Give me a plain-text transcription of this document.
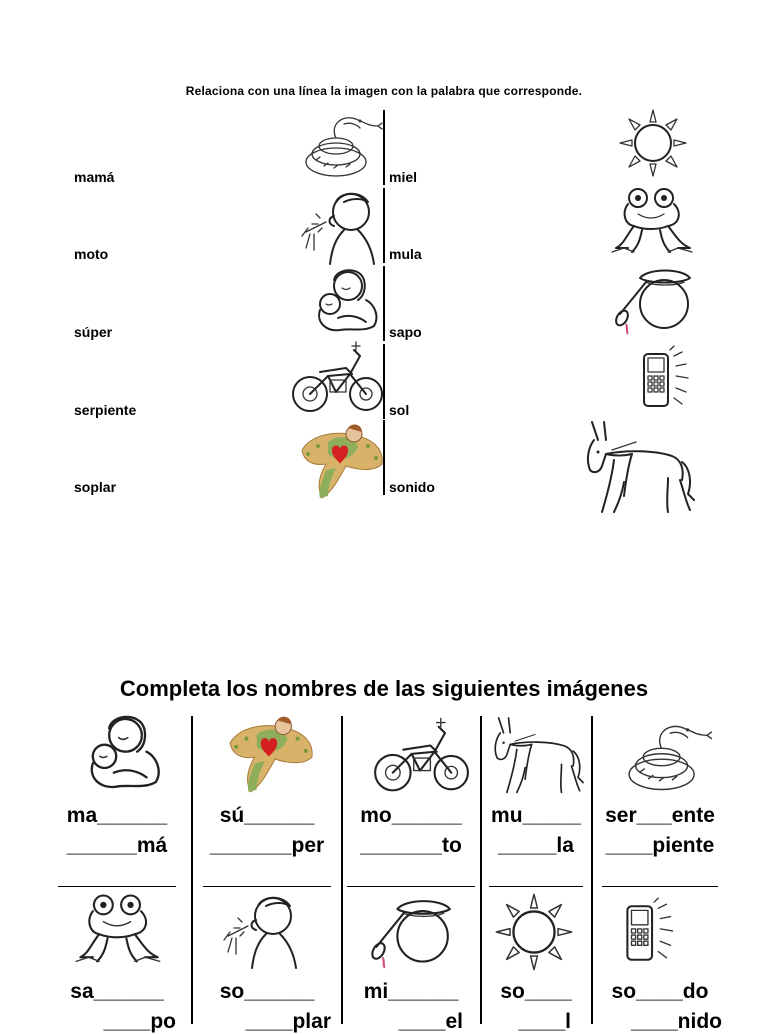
Relaciona con una línea la imagen con la palabra que corresponde.
mamá
moto
súper
serpiente
soplar
miel
mula
sapo
sol
sonido
Completa los nombres de las siguientes imágenes
ma______
______má
sú______
_______per
mo______
_______to
mu_____
_____la
ser___ente
____piente
sa______
____po
so______
____plar
mi______
____el
so____
____l
so____do
____nido
